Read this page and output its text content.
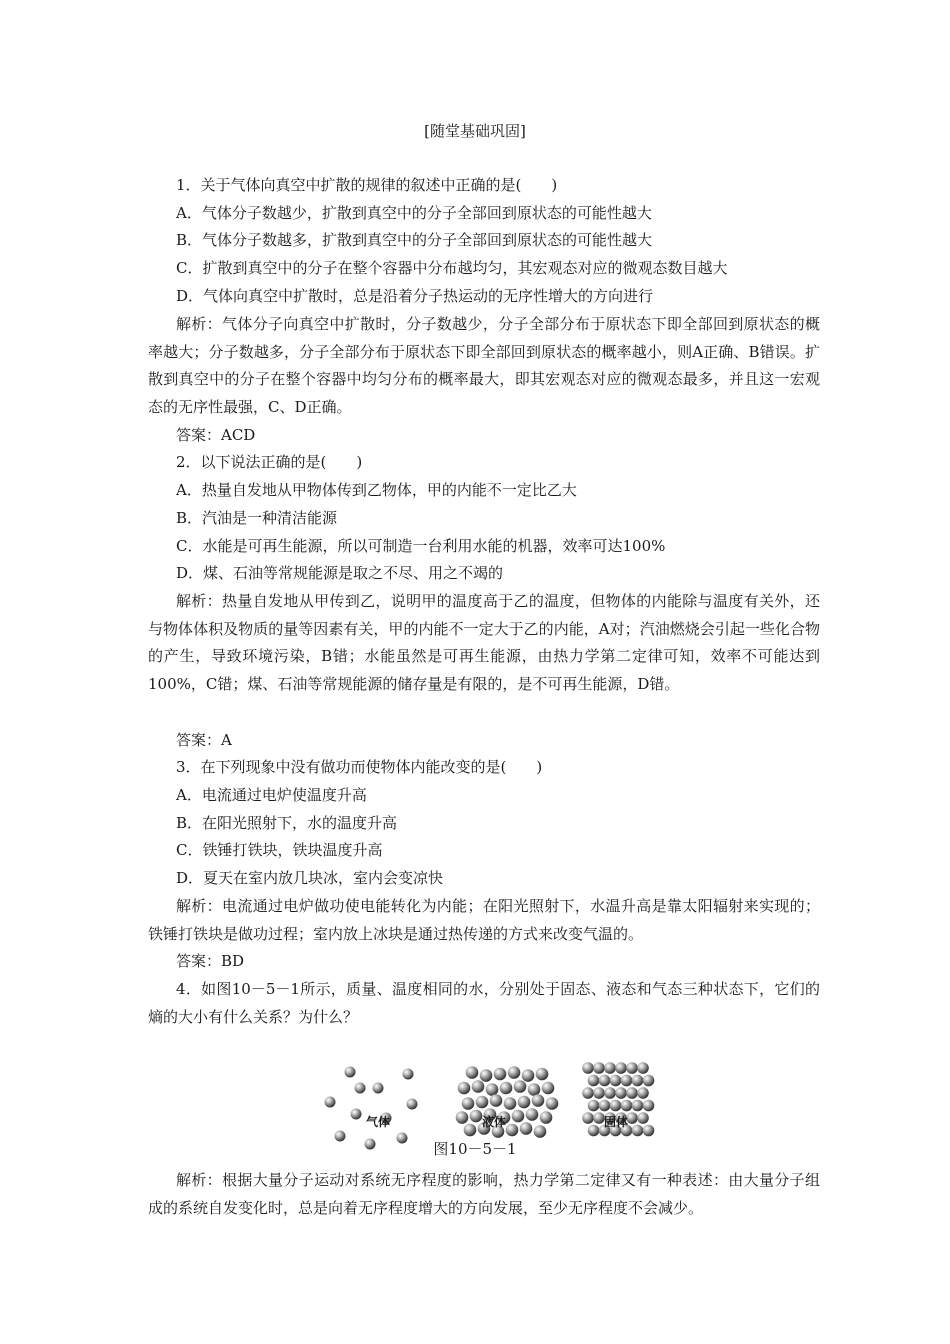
[随堂基础巩固]
1．关于气体向真空中扩散的规律的叙述中正确的是(　　)
A．气体分子数越少，扩散到真空中的分子全部回到原状态的可能性越大
B．气体分子数越多，扩散到真空中的分子全部回到原状态的可能性越大
C．扩散到真空中的分子在整个容器中分布越均匀，其宏观态对应的微观态数目越大
D．气体向真空中扩散时，总是沿着分子热运动的无序性增大的方向进行

解析：气体分子向真空中扩散时，分子数越少，分子全部分布于原状态下即全部回到原状态的概率越大；分子数越多，分子全部分布于原状态下即全部回到原状态的概率越小，则A正确、B错误。扩散到真空中的分子在整个容器中均匀分布的概率最大，即其宏观态对应的微观态最多，并且这一宏观态的无序性最强，C、D正确。

答案：ACD
2．以下说法正确的是(　　)
A．热量自发地从甲物体传到乙物体，甲的内能不一定比乙大
B．汽油是一种清洁能源
C．水能是可再生能源，所以可制造一台利用水能的机器，效率可达100%
D．煤、石油等常规能源是取之不尽、用之不竭的

解析：热量自发地从甲传到乙，说明甲的温度高于乙的温度，但物体的内能除与温度有关外，还与物体体积及物质的量等因素有关，甲的内能不一定大于乙的内能，A对；汽油燃烧会引起一些化合物的产生，导致环境污染，B错；水能虽然是可再生能源，由热力学第二定律可知，效率不可能达到100%，C错；煤、石油等常规能源的储存量是有限的，是不可再生能源，D错。

答案：A
3．在下列现象中没有做功而使物体内能改变的是(　　)
A．电流通过电炉使温度升高
B．在阳光照射下，水的温度升高
C．铁锤打铁块，铁块温度升高
D．夏天在室内放几块冰，室内会变凉快

解析：电流通过电炉做功使电能转化为内能；在阳光照射下，水温升高是靠太阳辐射来实现的；铁锤打铁块是做功过程；室内放上冰块是通过热传递的方式来改变气温的。

答案：BD

4．如图10－5－1所示，质量、温度相同的水，分别处于固态、液态和气态三种状态下，它们的熵的大小有什么关系？为什么？

气体	液体	固体
图10－5－1

解析：根据大量分子运动对系统无序程度的影响，热力学第二定律又有一种表述：由大量分子组成的系统自发变化时，总是向着无序程度增大的方向发展，至少无序程度不会减少。
